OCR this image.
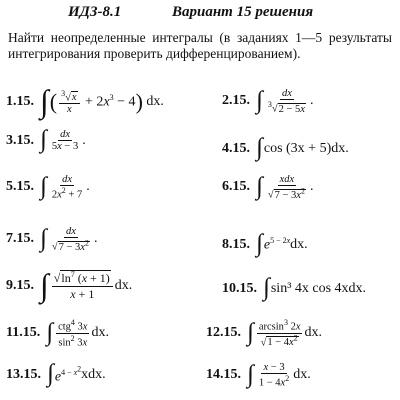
ИДЗ-8.1	Вариант 15 решения
Найти неопределенные интегралы (в заданиях 1—5 результаты интегрирования проверить дифференцированием).
1.15. ∫ ( $^3$√x
$x + 2x^3 - 4$ )
dx.	2.15. ∫ dx
$^3$√2 − 5x
.
3.15. ∫ dx
5x − 3 .
4.15. ∫ cos (3x + 5)dx.
5.15. ∫ dx
$2x^2 + 7$
.	6.15. ∫ xdx
$√7 - 3x^2$ .
7.15. ∫ dx
$√7 - 3x^2$ .	8.15. ∫ $e^{5 - 2x}$ dx.
9.15. ∫ $√\ln^7$ (x + 1)
x + 1
dx.	10.15. ∫ sin³ 4x cos 4xdx.
11.15. ∫ ctg$^4$ 3x
$\sin^2 3x$
dx.	12.15. ∫ $\arcsin^3 2x$
$√1 - 4x^2$ dx.
13.15. ∫ $e^{4 - x^2}$ xdx.	14.15. ∫ x − 3
$1 - 4x^2$ dx.
